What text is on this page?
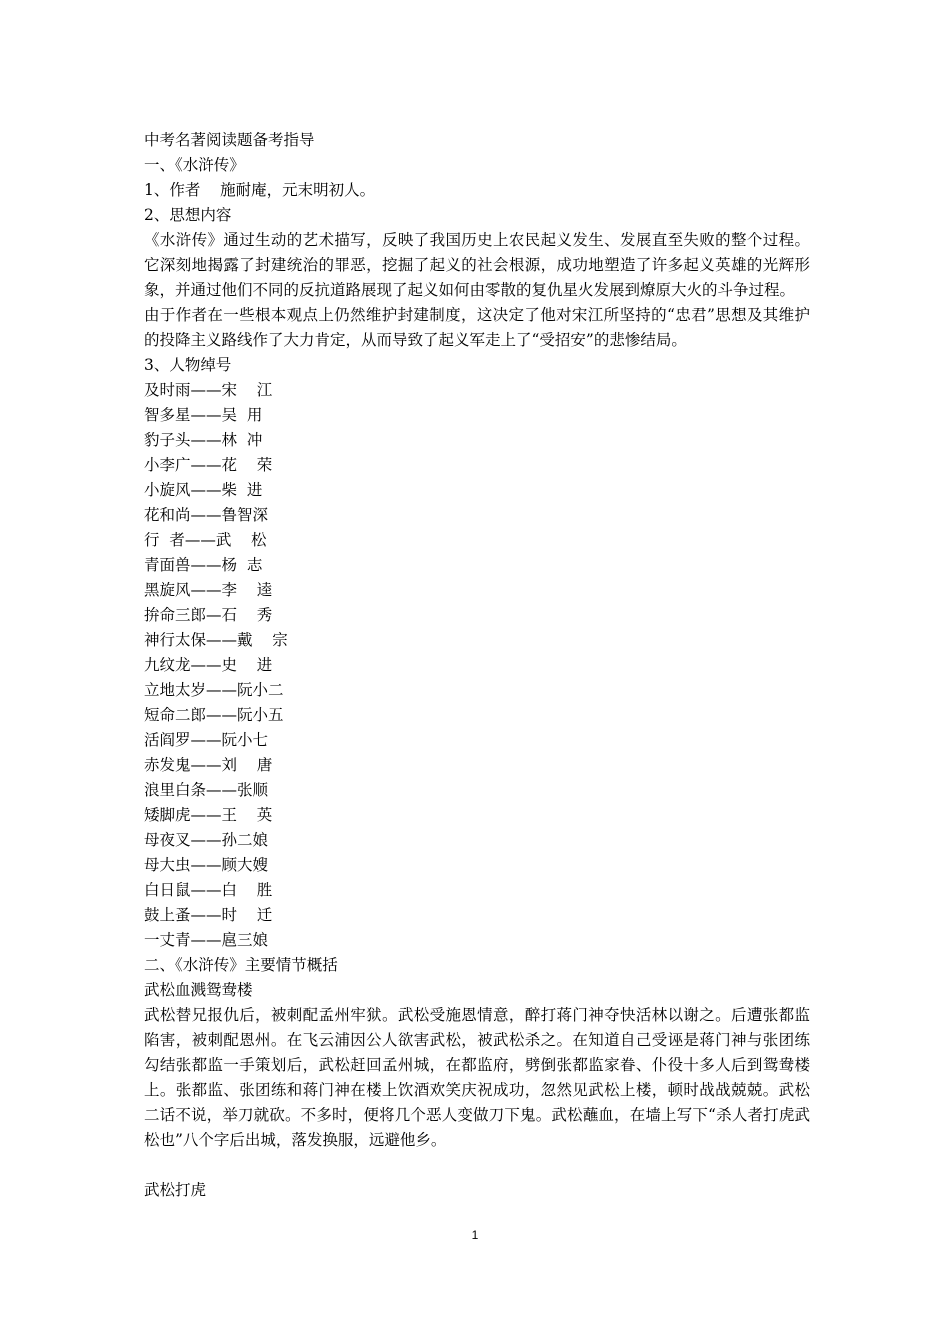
中考名著阅读题备考指导
一、《水浒传》
1、作者    施耐庵，元末明初人。
2、思想内容
《水浒传》通过生动的艺术描写，反映了我国历史上农民起义发生、发展直至失败的整个过程。它深刻地揭露了封建统治的罪恶，挖掘了起义的社会根源，成功地塑造了许多起义英雄的光辉形象，并通过他们不同的反抗道路展现了起义如何由零散的复仇星火发展到燎原大火的斗争过程。
由于作者在一些根本观点上仍然维护封建制度，这决定了他对宋江所坚持的“忠君”思想及其维护的投降主义路线作了大力肯定，从而导致了起义军走上了“受招安”的悲惨结局。
3、人物绰号
及时雨——宋    江
智多星——吴  用
豹子头——林  冲
小李广——花    荣
小旋风——柴  进
花和尚——鲁智深
行  者——武    松
青面兽——杨  志
黑旋风——李    逵
拚命三郎—石    秀
神行太保——戴    宗
九纹龙——史    进
立地太岁——阮小二
短命二郎——阮小五
活阎罗——阮小七
赤发鬼——刘    唐
浪里白条——张顺
矮脚虎——王    英
母夜叉——孙二娘
母大虫——顾大嫂
白日鼠——白    胜
鼓上蚤——时    迁
一丈青——扈三娘
二、《水浒传》主要情节概括
武松血溅鸳鸯楼
武松替兄报仇后，被刺配孟州牢狱。武松受施恩情意，醉打蒋门神夺快活林以谢之。后遭张都监陷害，被刺配恩州。在飞云浦因公人欲害武松，被武松杀之。在知道自己受诬是蒋门神与张团练勾结张都监一手策划后，武松赶回孟州城，在都监府，劈倒张都监家眷、仆役十多人后到鸳鸯楼上。张都监、张团练和蒋门神在楼上饮酒欢笑庆祝成功，忽然见武松上楼，顿时战战兢兢。武松二话不说，举刀就砍。不多时，便将几个恶人变做刀下鬼。武松蘸血，在墙上写下“杀人者打虎武松也”八个字后出城，落发换服，远避他乡。
武松打虎
1
